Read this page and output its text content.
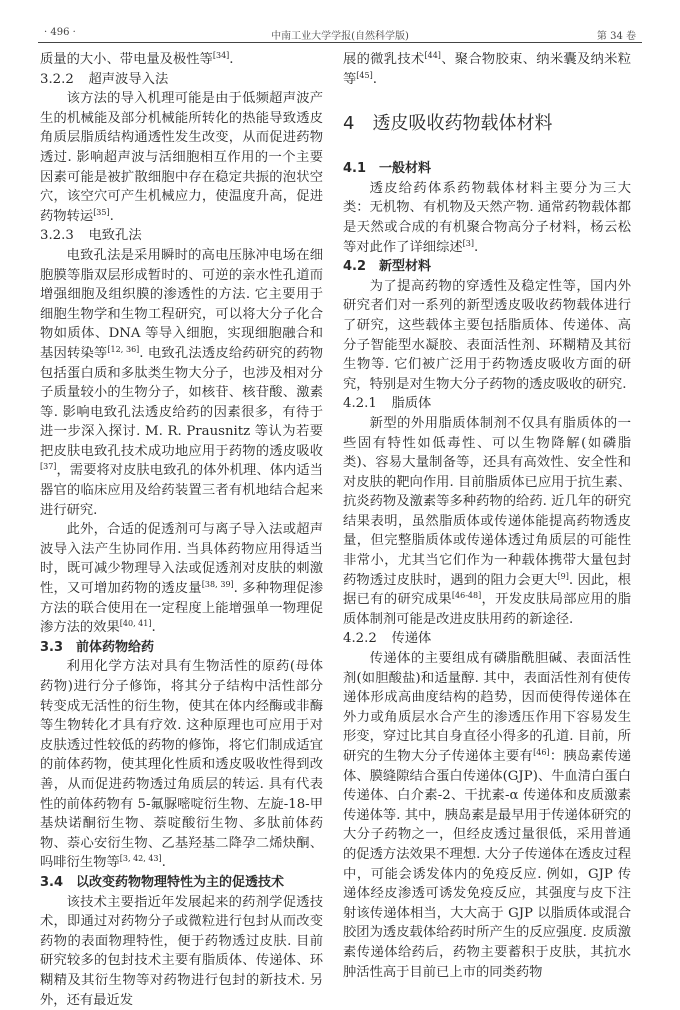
· 496 ·	中南工业大学学报(自然科学版)	第 34 卷
质量的大小、带电量及极性等[34].
3.2.2 超声波导入法
该方法的导入机理可能是由于低频超声波产生的机械能及部分机械能所转化的热能导致透皮角质层脂质结构通透性发生改变，从而促进药物透过. 影响超声波与活细胞相互作用的一个主要因素可能是被扩散细胞中存在稳定共振的泡状空穴，该空穴可产生机械应力，使温度升高，促进药物转运[35].
3.2.3 电致孔法
电致孔法是采用瞬时的高电压脉冲电场在细胞膜等脂双层形成暂时的、可逆的亲水性孔道而增强细胞及组织膜的渗透性的方法. 它主要用于细胞生物学和生物工程研究，可以将大分子化合物如质体、DNA 等导入细胞，实现细胞融合和基因转染等[12, 36]. 电致孔法透皮给药研究的药物包括蛋白质和多肽类生物大分子，也涉及相对分子质量较小的生物分子，如核苷、核苷酸、激素等. 影响电致孔法透皮给药的因素很多，有待于进一步深入探讨. M. R. Prausnitz 等认为若要把皮肤电致孔技术成功地应用于药物的透皮吸收[37]，需要将对皮肤电致孔的体外机理、体内适当器官的临床应用及给药装置三者有机地结合起来进行研究.
此外，合适的促透剂可与离子导入法或超声波导入法产生协同作用. 当具体药物应用得适当时，既可减少物理导入法或促透剂对皮肤的刺激性，又可增加药物的透皮量[38, 39]. 多种物理促渗方法的联合使用在一定程度上能增强单一物理促渗方法的效果[40, 41].
3.3 前体药物给药
利用化学方法对具有生物活性的原药(母体药物)进行分子修饰，将其分子结构中活性部分转变成无活性的衍生物，使其在体内经酶或非酶等生物转化才具有疗效. 这种原理也可应用于对皮肤透过性较低的药物的修饰，将它们制成适宜的前体药物，使其理化性质和透皮吸收性得到改善，从而促进药物透过角质层的转运. 具有代表性的前体药物有 5-氟脲嘧啶衍生物、左旋-18-甲基炔诺酮衍生物、萘啶酸衍生物、多肽前体药物、萘心安衍生物、乙基羟基二降孕二烯炔酮、吗啡衍生物等[3, 42, 43].
3.4 以改变药物物理特性为主的促透技术
该技术主要指近年发展起来的药剂学促透技术，即通过对药物分子或微粒进行包封从而改变药物的表面物理特性，便于药物透过皮肤. 目前研究较多的包封技术主要有脂质体、传递体、环糊精及其衍生物等对药物进行包封的新技术. 另外，还有最近发
展的微乳技术[44]、聚合物胶束、纳米囊及纳米粒等[45].
4 透皮吸收药物载体材料
4.1 一般材料
透皮给药体系药物载体材料主要分为三大类：无机物、有机物及天然产物. 通常药物载体都是天然或合成的有机聚合物高分子材料，杨云松等对此作了详细综述[3].
4.2 新型材料
为了提高药物的穿透性及稳定性等，国内外研究者们对一系列的新型透皮吸收药物载体进行了研究，这些载体主要包括脂质体、传递体、高分子智能型水凝胶、表面活性剂、环糊精及其衍生物等. 它们被广泛用于药物透皮吸收方面的研究，特别是对生物大分子药物的透皮吸收的研究.
4.2.1 脂质体
新型的外用脂质体制剂不仅具有脂质体的一些固有特性如低毒性、可以生物降解(如磷脂类)、容易大量制备等，还具有高效性、安全性和对皮肤的靶向作用. 目前脂质体已应用于抗生素、抗炎药物及激素等多种药物的给药. 近几年的研究结果表明，虽然脂质体或传递体能提高药物透皮量，但完整脂质体或传递体透过角质层的可能性非常小，尤其当它们作为一种载体携带大量包封药物透过皮肤时，遇到的阻力会更大[9]. 因此，根据已有的研究成果[46-48]，开发皮肤局部应用的脂质体制剂可能是改进皮肤用药的新途径.
4.2.2 传递体
传递体的主要组成有磷脂酰胆碱、表面活性剂(如胆酸盐)和适量醇. 其中，表面活性剂有使传递体形成高曲度结构的趋势，因而使得传递体在外力或角质层水合产生的渗透压作用下容易发生形变，穿过比其自身直径小得多的孔道. 目前，所研究的生物大分子传递体主要有[46]：胰岛素传递体、膜缝隙结合蛋白传递体(GJP)、牛血清白蛋白传递体、白介素-2、干扰素-α 传递体和皮质激素传递体等. 其中，胰岛素是最早用于传递体研究的大分子药物之一，但经皮透过量很低，采用普通的促透方法效果不理想. 大分子传递体在透皮过程中，可能会诱发体内的免疫反应. 例如，GJP 传递体经皮渗透可诱发免疫反应，其强度与皮下注射该传递体相当，大大高于 GJP 以脂质体或混合胶团为透皮载体给药时所产生的反应强度. 皮质激素传递体给药后，药物主要蓄积于皮肤，其抗水肿活性高于目前已上市的同类药物
